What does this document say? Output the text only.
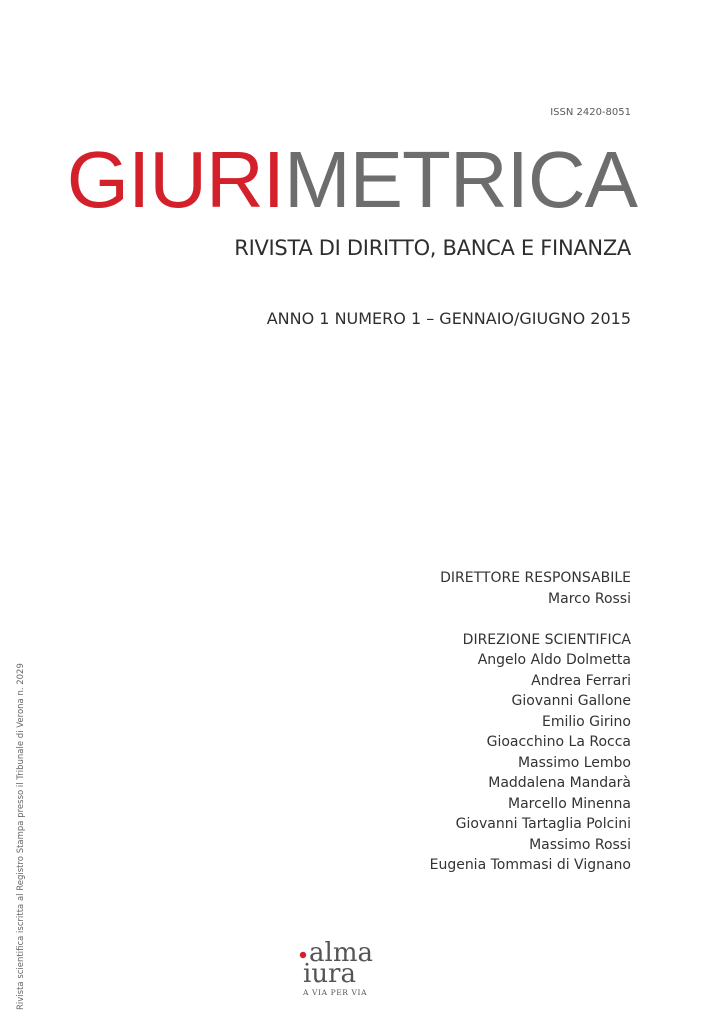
ISSN 2420-8051
GIURIMETRICA
RIVISTA DI DIRITTO, BANCA E FINANZA
ANNO 1 NUMERO 1 – GENNAIO/GIUGNO 2015
DIRETTORE RESPONSABILE
Marco Rossi
DIREZIONE SCIENTIFICA
Angelo Aldo Dolmetta
Andrea Ferrari
Giovanni Gallone
Emilio Girino
Gioacchino La Rocca
Massimo Lembo
Maddalena Mandarà
Marcello Minenna
Giovanni Tartaglia Polcini
Massimo Rossi
Eugenia Tommasi di Vignano
Rivista scientifica iscritta al Registro Stampa presso il Tribunale di Verona n. 2029	alma
iura
A VIA PER VIA
